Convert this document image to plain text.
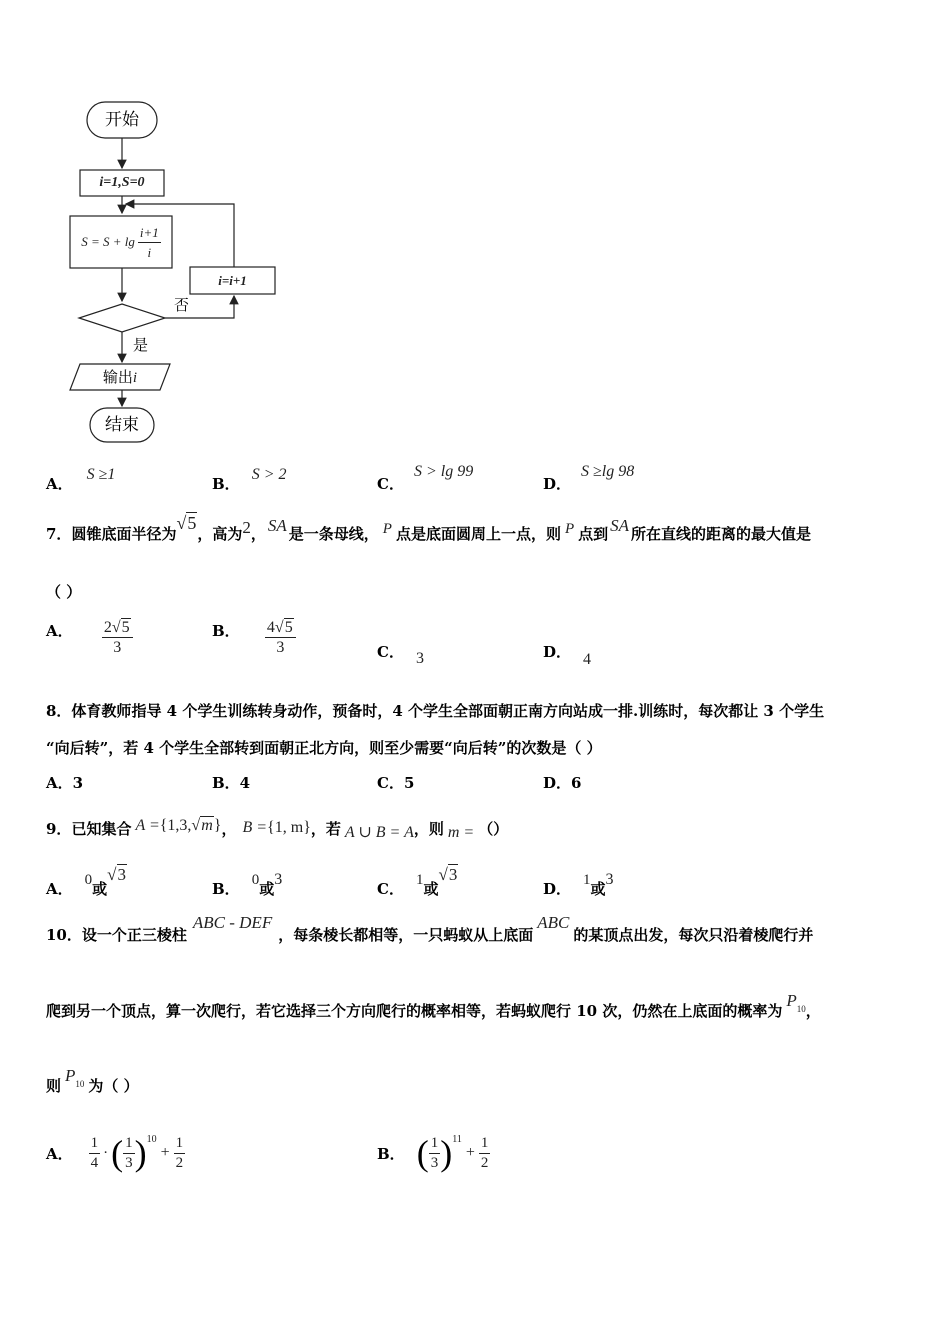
开始
i=1,S=0
$S = S + \lg \frac{i+1}{i}$
i=i+1
否
是
输出i
结束
A．S ≥1
B．S > 2
C．S > lg 99
D．S ≥lg 98
7．圆锥底面半径为√5，高为2， SA 是一条母线， P 点是底面圆周上一点，则 P 点到 SA 所在直线的距离的最大值是
（ ）
A． $\frac{2√5}{3}$	B． $\frac{4√5}{3}$	C． 3	D． 4
8．体育教师指导 4 个学生训练转身动作，预备时，4 个学生全部面朝正南方向站成一排.训练时，每次都让 3 个学生
“向后转”，若 4 个学生全部转到面朝正北方向，则至少需要“向后转”的次数是（ ）
A．3	B．4	C．5	D．6
9．已知集合 A ={1,3,√m}， B ={1, m}，若 A ∪ B = A，则 m = （）
A． 0或√3
B． 0或3
C． 1或√3
D． 1或3
10．设一个正三棱柱ABC - DEF，每条棱长都相等，一只蚂蚁从上底面ABC的某顶点出发，每次只沿着棱爬行并
爬到另一个顶点，算一次爬行，若它选择三个方向爬行的概率相等，若蚂蚁爬行 10 次，仍然在上底面的概率为P10，
则P10 为（ ）
A． $\frac{1}{4}$ · ( $\frac{1}{3}$ ) 10
+ $\frac{1}{2}$	B． ( $\frac{1}{3}$ ) 11
+ $\frac{1}{2}$
